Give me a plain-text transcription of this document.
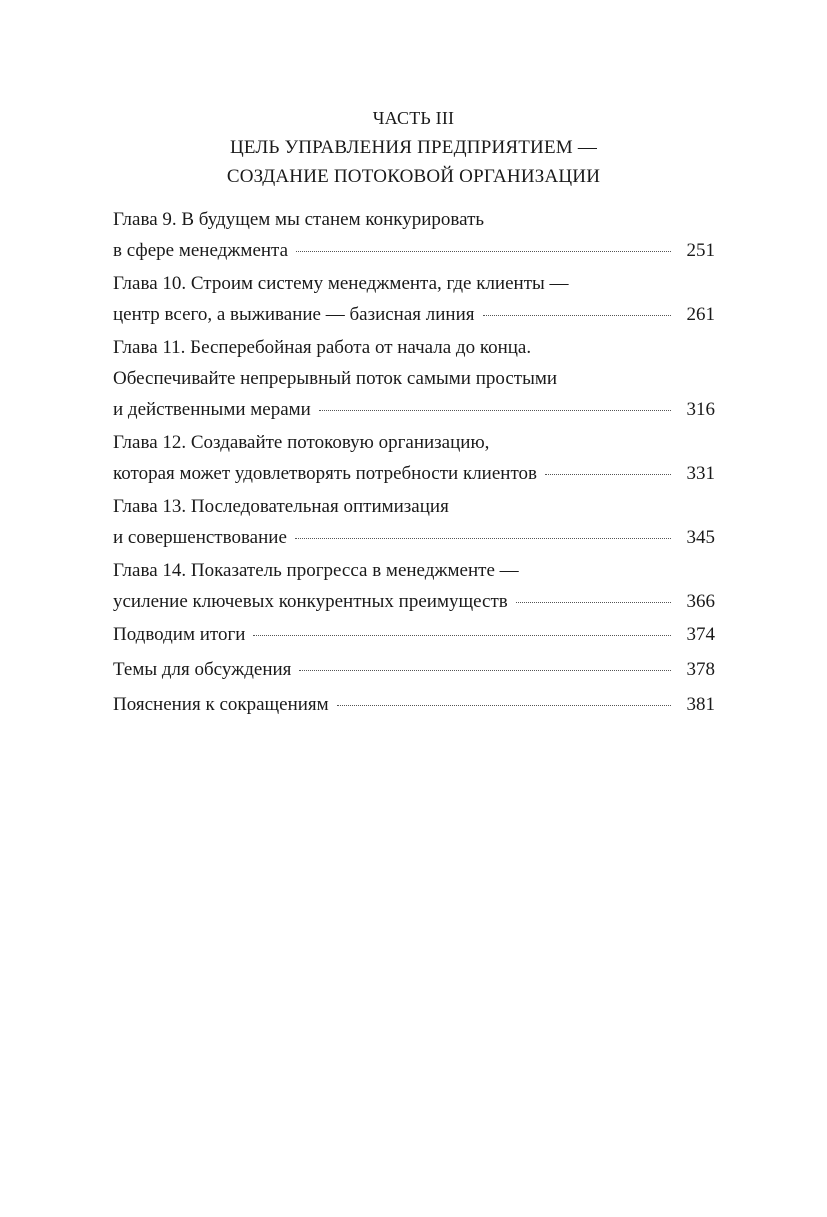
ЧАСТЬ III
ЦЕЛЬ УПРАВЛЕНИЯ ПРЕДПРИЯТИЕМ —
СОЗДАНИЕ ПОТОКОВОЙ ОРГАНИЗАЦИИ
Глава 9. В будущем мы станем конкурировать
в сфере менеджмента	251
Глава 10. Строим систему менеджмента, где клиенты —
центр всего, а выживание — базисная линия	261
Глава 11. Бесперебойная работа от начала до конца.
Обеспечивайте непрерывный поток самыми простыми
и действенными мерами	316
Глава 12. Создавайте потоковую организацию,
которая может удовлетворять потребности клиентов	331
Глава 13. Последовательная оптимизация
и совершенствование	345
Глава 14. Показатель прогресса в менеджменте —
усиление ключевых конкурентных преимуществ	366
Подводим итоги	374
Темы для обсуждения	378
Пояснения к сокращениям	381
